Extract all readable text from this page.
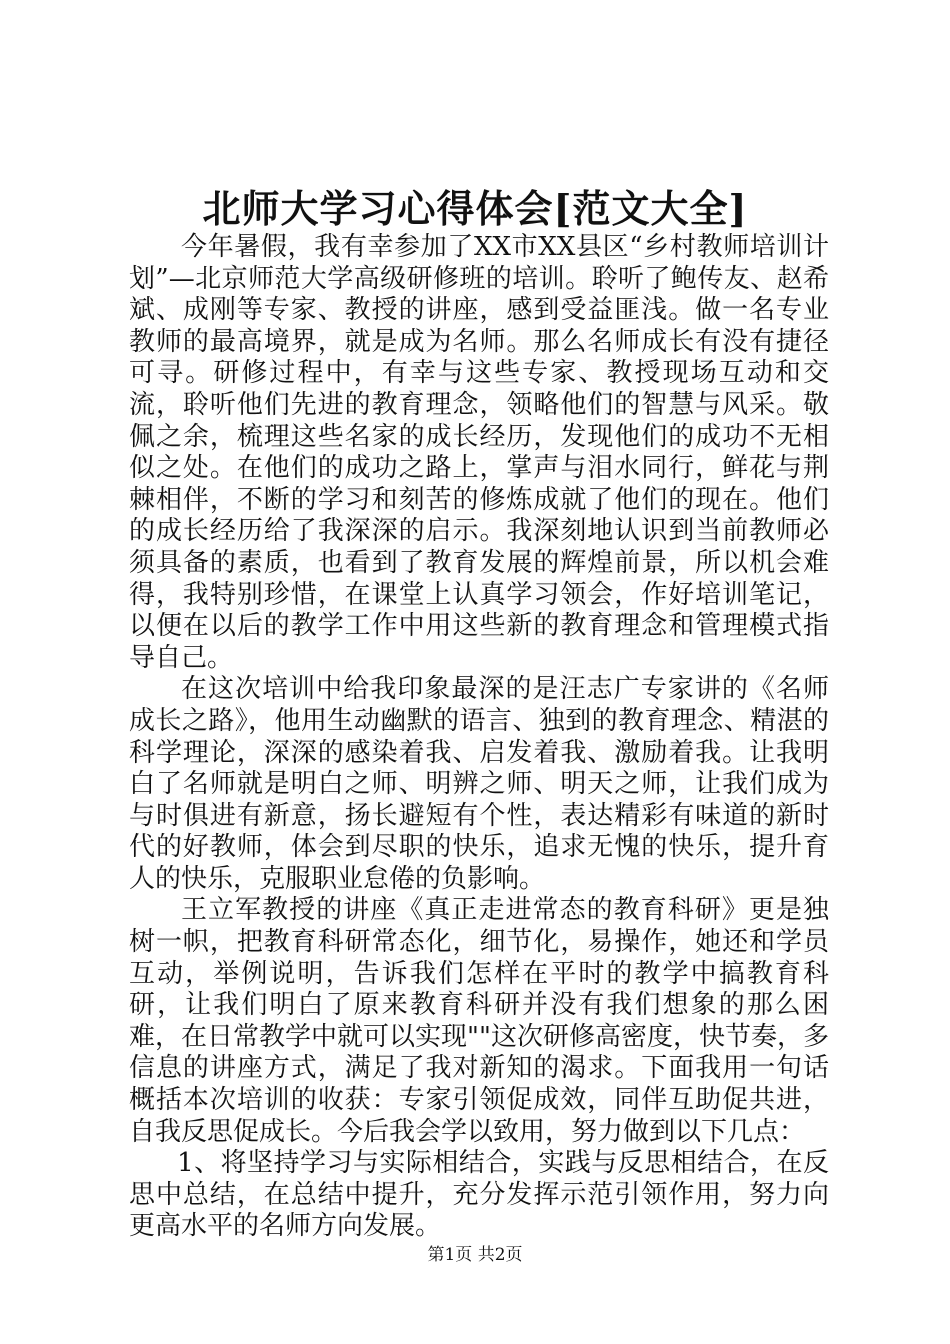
北师大学习心得体会[范文大全]

今年暑假，我有幸参加了XX市XX县区“乡村教师培训计划”—北京师范大学高级研修班的培训。聆听了鲍传友、赵希斌、成刚等专家、教授的讲座，感到受益匪浅。做一名专业教师的最高境界，就是成为名师。那么名师成长有没有捷径可寻。研修过程中，有幸与这些专家、教授现场互动和交流，聆听他们先进的教育理念，领略他们的智慧与风采。敬佩之余，梳理这些名家的成长经历，发现他们的成功不无相似之处。在他们的成功之路上，掌声与泪水同行，鲜花与荆棘相伴，不断的学习和刻苦的修炼成就了他们的现在。他们的成长经历给了我深深的启示。我深刻地认识到当前教师必须具备的素质，也看到了教育发展的辉煌前景，所以机会难得，我特别珍惜，在课堂上认真学习领会，作好培训笔记，以便在以后的教学工作中用这些新的教育理念和管理模式指导自己。

在这次培训中给我印象最深的是汪志广专家讲的《名师成长之路》，他用生动幽默的语言、独到的教育理念、精湛的科学理论，深深的感染着我、启发着我、激励着我。让我明白了名师就是明白之师、明辨之师、明天之师，让我们成为与时俱进有新意，扬长避短有个性，表达精彩有味道的新时代的好教师，体会到尽职的快乐，追求无愧的快乐，提升育人的快乐，克服职业怠倦的负影响。

王立军教授的讲座《真正走进常态的教育科研》更是独树一帜，把教育科研常态化，细节化，易操作，她还和学员互动，举例说明，告诉我们怎样在平时的教学中搞教育科研，让我们明白了原来教育科研并没有我们想象的那么困难，在日常教学中就可以实现""这次研修高密度，快节奏，多信息的讲座方式，满足了我对新知的渴求。下面我用一句话概括本次培训的收获：专家引领促成效，同伴互助促共进，自我反思促成长。今后我会学以致用，努力做到以下几点：

1、将坚持学习与实际相结合，实践与反思相结合，在反思中总结，在总结中提升，充分发挥示范引领作用，努力向更高水平的名师方向发展。

第1页 共2页
